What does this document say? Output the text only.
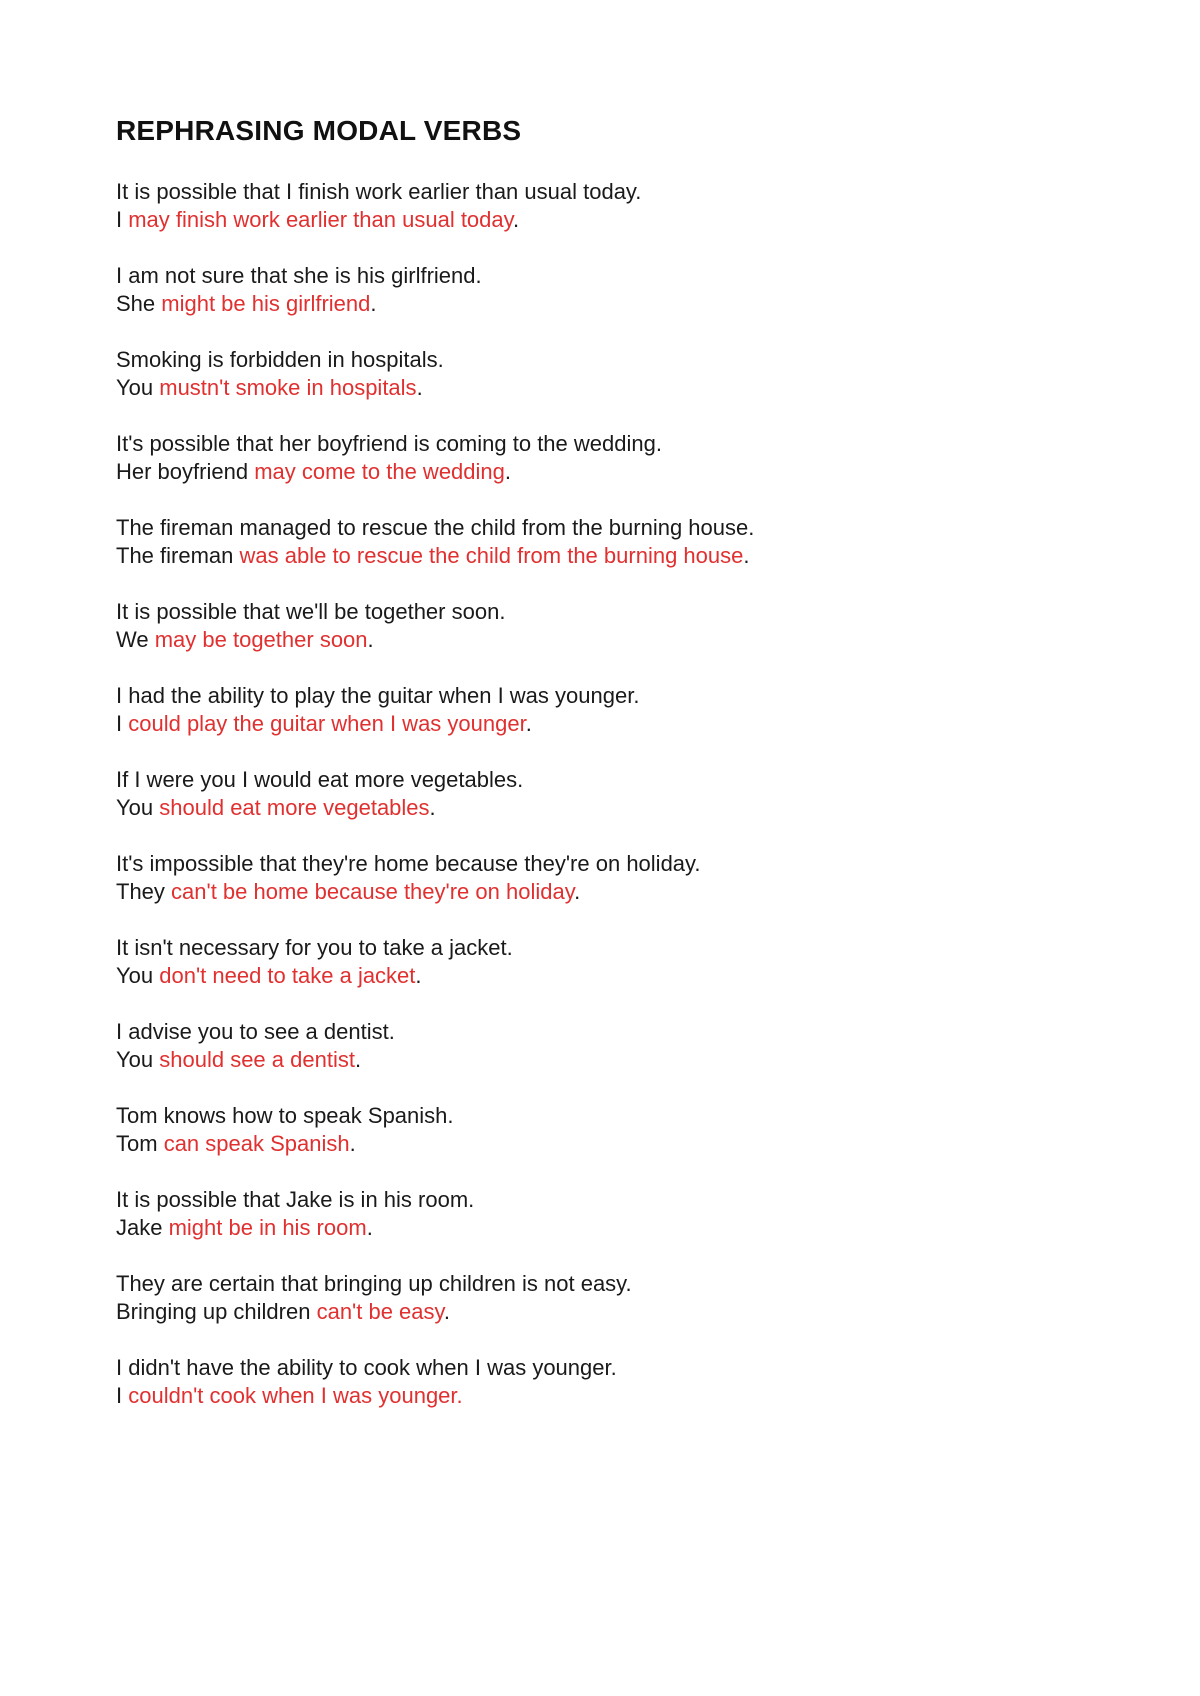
REPHRASING MODAL VERBS
It is possible that I finish work earlier than usual today.
I may finish work earlier than usual today.
I am not sure that she is his girlfriend.
She might be his girlfriend.
Smoking is forbidden in hospitals.
You mustn't smoke in hospitals.
It's possible that her boyfriend is coming to the wedding.
Her boyfriend may come to the wedding.
The fireman managed to rescue the child from the burning house.
The fireman was able to rescue the child from the burning house.
It is possible that we'll be together soon.
We may be together soon.
I had the ability to play the guitar when I was younger.
I could play the guitar when I was younger.
If I were you I would eat more vegetables.
You should eat more vegetables.
It's impossible that they're home because they're on holiday.
They can't be home because they're on holiday.
It isn't necessary for you to take a jacket.
You don't need to take a jacket.
I advise you to see a dentist.
You should see a dentist.
Tom knows how to speak Spanish.
Tom can speak Spanish.
It is possible that Jake is in his room.
Jake might be in his room.
They are certain that bringing up children is not easy.
Bringing up children can't be easy.
I didn't have the ability to cook when I was younger.
I couldn't cook when I was younger.
